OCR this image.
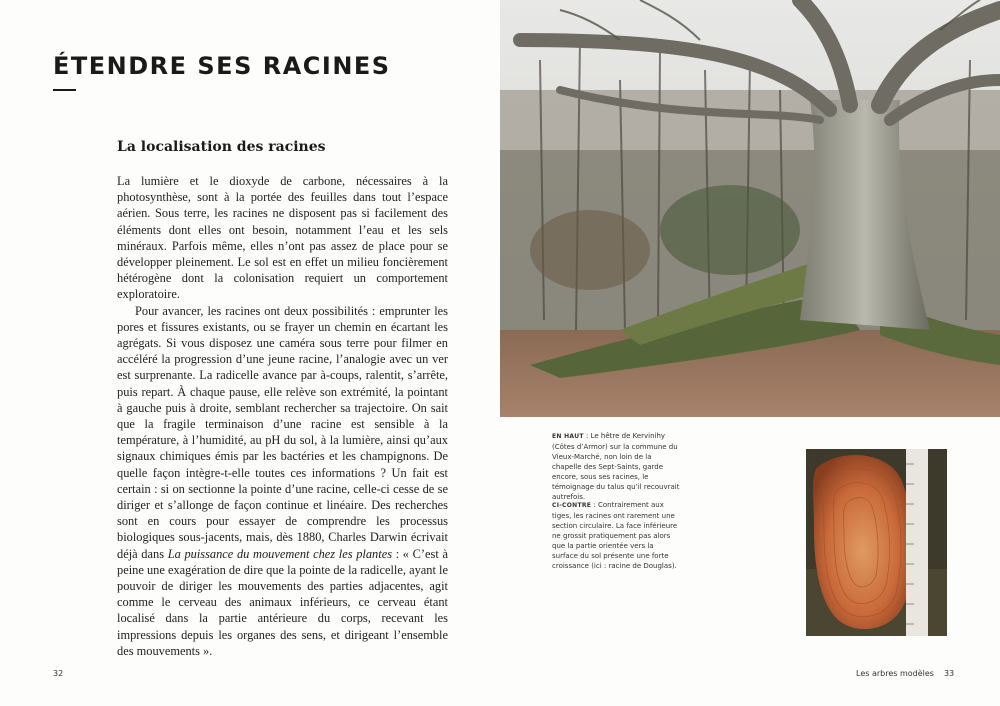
ÉTENDRE SES RACINES
La localisation des racines

La lumière et le dioxyde de carbone, nécessaires à la photosynthèse, sont à la portée des feuilles dans tout l’espace aérien. Sous terre, les racines ne disposent pas si facilement des éléments dont elles ont besoin, notamment l’eau et les sels minéraux. Parfois même, elles n’ont pas assez de place pour se développer pleinement. Le sol est en effet un milieu foncièrement hétérogène dont la colonisation requiert un comportement exploratoire.

Pour avancer, les racines ont deux possibilités : emprunter les pores et fissures existants, ou se frayer un chemin en écartant les agrégats. Si vous disposez une caméra sous terre pour filmer en accéléré la progression d’une jeune racine, l’analogie avec un ver est surprenante. La radicelle avance par à-coups, ralentit, s’arrête, puis repart. À chaque pause, elle relève son extrémité, la pointant à gauche puis à droite, semblant rechercher sa trajectoire. On sait que la fragile terminaison d’une racine est sensible à la température, à l’humidité, au pH du sol, à la lumière, ainsi qu’aux signaux chimiques émis par les bactéries et les champignons. De quelle façon intègre-t-elle toutes ces informations ? Un fait est certain : si on sectionne la pointe d’une racine, celle-ci cesse de se diriger et s’allonge de façon continue et linéaire. Des recherches sont en cours pour essayer de comprendre les processus biologiques sous-jacents, mais, dès 1880, Charles Darwin écrivait déjà dans La puissance du mouvement chez les plantes : « C’est à peine une exagération de dire que la pointe de la radicelle, ayant le pouvoir de diriger les mouvements des parties adjacentes, agit comme le cerveau des animaux inférieurs, ce cerveau étant localisé dans la partie antérieure du corps, recevant les impressions depuis les organes des sens, et dirigeant l’ensemble des mouvements ».

EN HAUT : Le hêtre de Kervinihy (Côtes d’Armor) sur la commune du Vieux-Marché, non loin de la chapelle des Sept-Saints, garde encore, sous ses racines, le témoignage du talus qu’il recouvrait autrefois.
CI-CONTRE : Contrairement aux tiges, les racines ont rarement une section circulaire. La face inférieure ne grossit pratiquement pas alors que la partie orientée vers la surface du sol présente une forte croissance (ici : racine de Douglas).
32	Les arbres modèles 33
